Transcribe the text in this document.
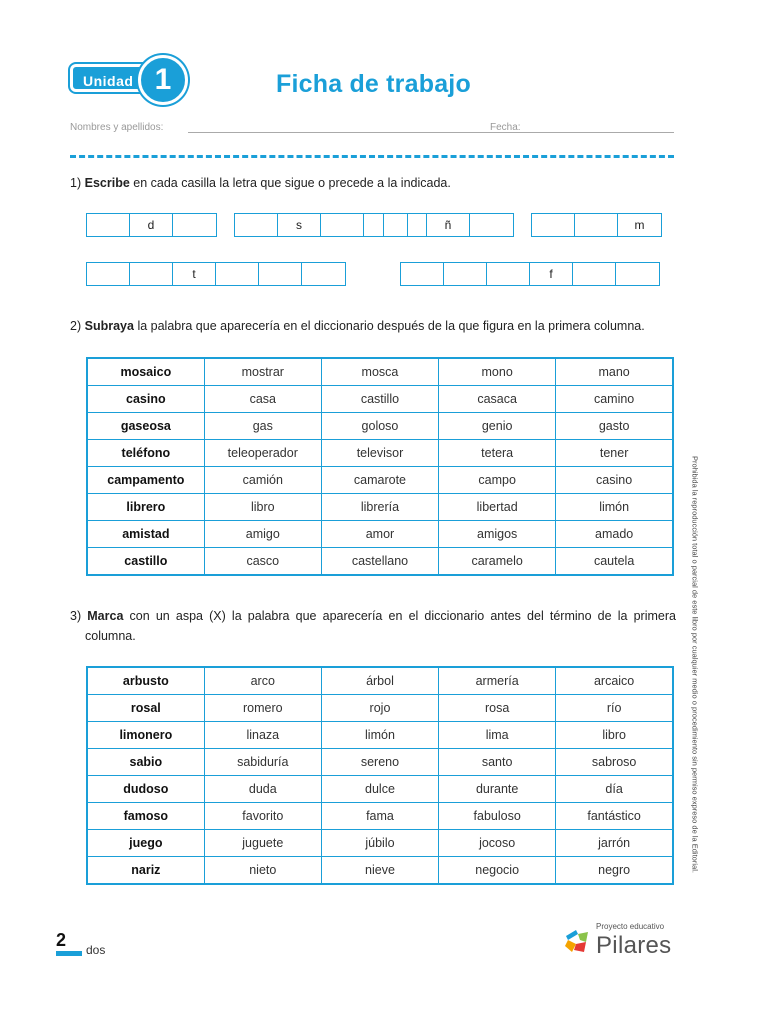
Unidad 1	Ficha de trabajo
Nombres y apellidos:	Fecha:
1) Escribe en cada casilla la letra que sigue o precede a la indicada.
d	s	ñ	m
t	f
2) Subraya la palabra que aparecería en el diccionario después de la que figura en la primera columna.
mosaico	mostrar	mosca	mono	mano
casino	casa	castillo	casaca	camino
gaseosa	gas	goloso	genio	gasto
teléfono	teleoperador	televisor	tetera	tener
campamento	camión	camarote	campo	casino
librero	libro	librería	libertad	limón
amistad	amigo	amor	amigos	amado
castillo	casco	castellano	caramelo	cautela
3) Marca con un aspa (X) la palabra que aparecería en el diccionario antes del término de la primera columna.
arbusto	arco	árbol	armería	arcaico
rosal	romero	rojo	rosa	río
limonero	linaza	limón	lima	libro
sabio	sabiduría	sereno	santo	sabroso
dudoso	duda	dulce	durante	día
famoso	favorito	fama	fabuloso	fantástico
juego	juguete	júbilo	jocoso	jarrón
nariz	nieto	nieve	negocio	negro	Prohibida la reproducción total o parcial de este libro por cualquier medio o procedimiento sin permiso expreso de la Editorial.
2 dos
Proyecto educativo
Pilares
